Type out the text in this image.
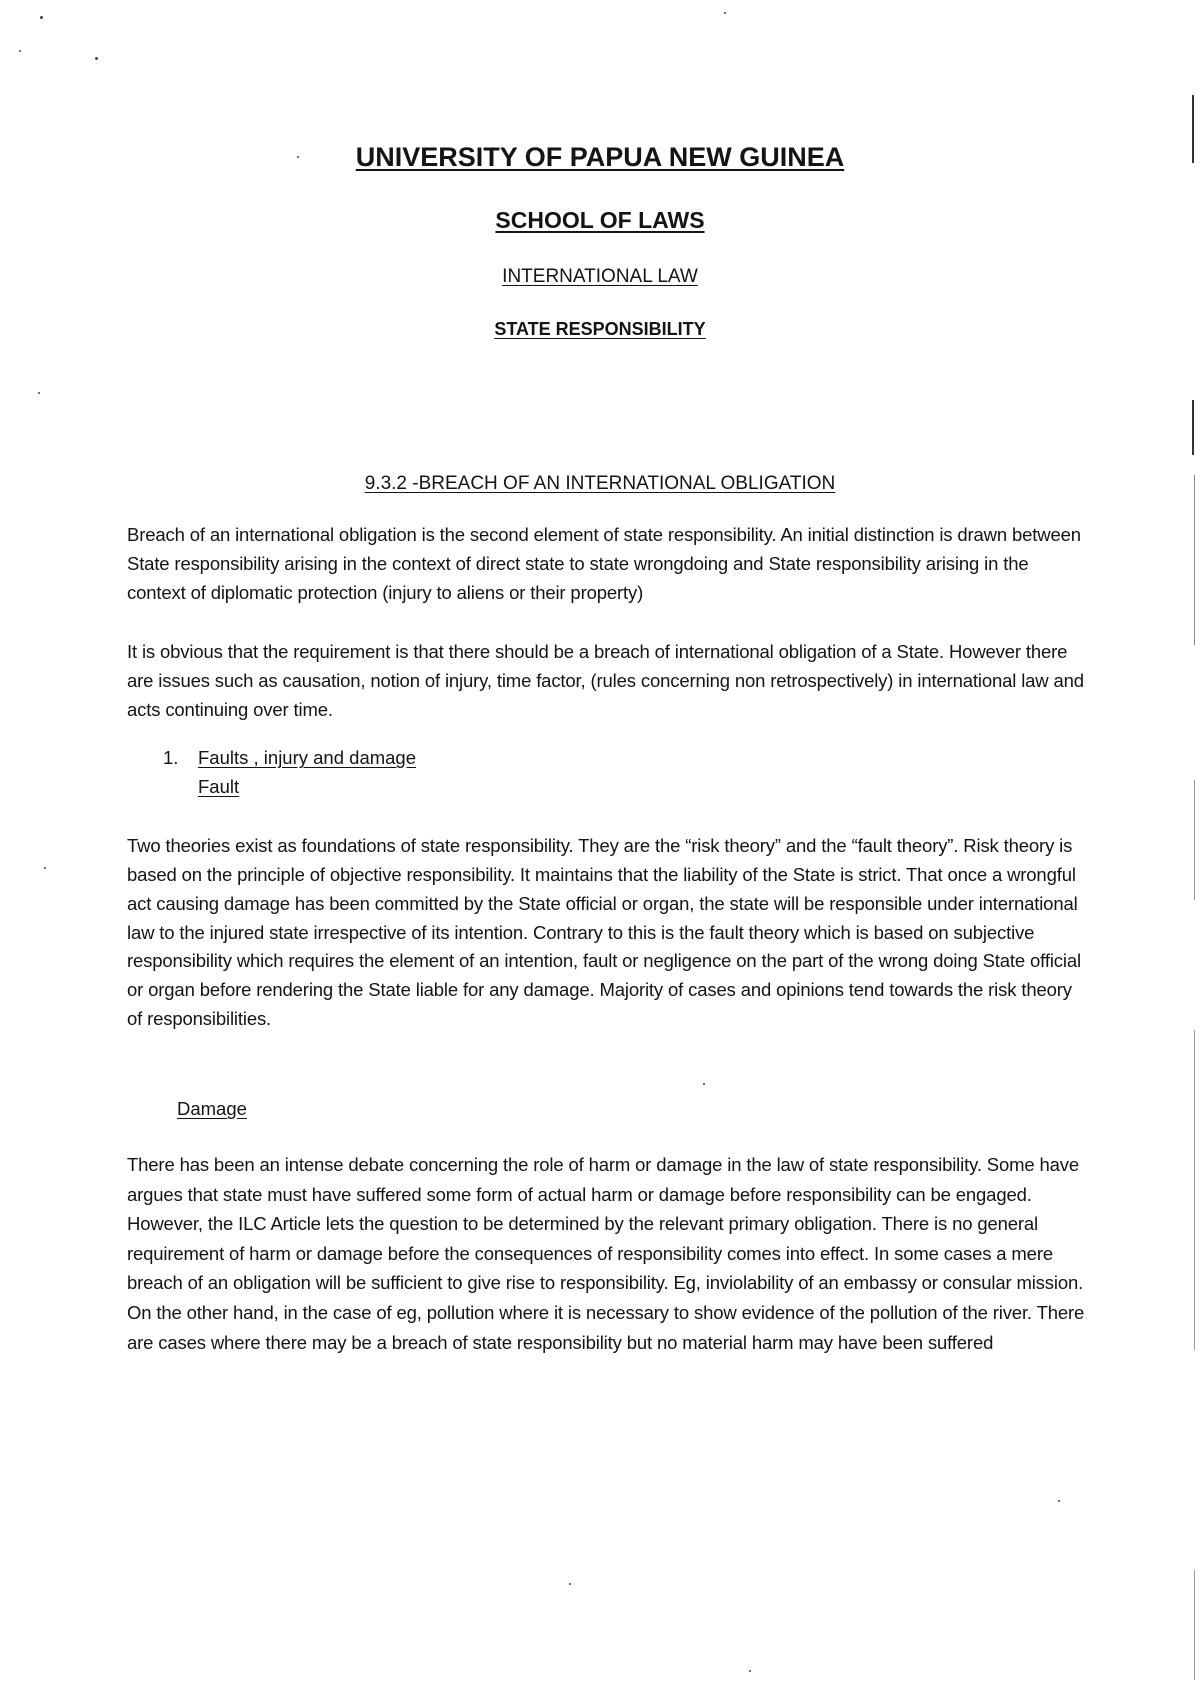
UNIVERSITY OF PAPUA NEW GUINEA
SCHOOL OF LAWS
INTERNATIONAL LAW
STATE RESPONSIBILITY
9.3.2 -BREACH OF AN INTERNATIONAL OBLIGATION

Breach of an international obligation is the second element of state responsibility. An initial distinction is drawn between State responsibility arising in the context of direct state to state wrongdoing and State responsibility arising in the context of diplomatic protection (injury to aliens or their property)

It is obvious that the requirement is that there should be a breach of international obligation of a State. However there are issues such as causation, notion of injury, time factor, (rules concerning non retrospectively) in international law and acts continuing over time.

1. Faults , injury and damage
Fault

Two theories exist as foundations of state responsibility. They are the “risk theory” and the “fault theory”. Risk theory is based on the principle of objective responsibility. It maintains that the liability of the State is strict. That once a wrongful act causing damage has been committed by the State official or organ, the state will be responsible under international law to the injured state irrespective of its intention. Contrary to this is the fault theory which is based on subjective responsibility which requires the element of an intention, fault or negligence on the part of the wrong doing State official or organ before rendering the State liable for any damage. Majority of cases and opinions tend towards the risk theory of responsibilities.

Damage

There has been an intense debate concerning the role of harm or damage in the law of state responsibility. Some have argues that state must have suffered some form of actual harm or damage before responsibility can be engaged. However, the ILC Article lets the question to be determined by the relevant primary obligation. There is no general requirement of harm or damage before the consequences of responsibility comes into effect. In some cases a mere breach of an obligation will be sufficient to give rise to responsibility. Eg, inviolability of an embassy or consular mission. On the other hand, in the case of eg, pollution where it is necessary to show evidence of the pollution of the river. There are cases where there may be a breach of state responsibility but no material harm may have been suffered
